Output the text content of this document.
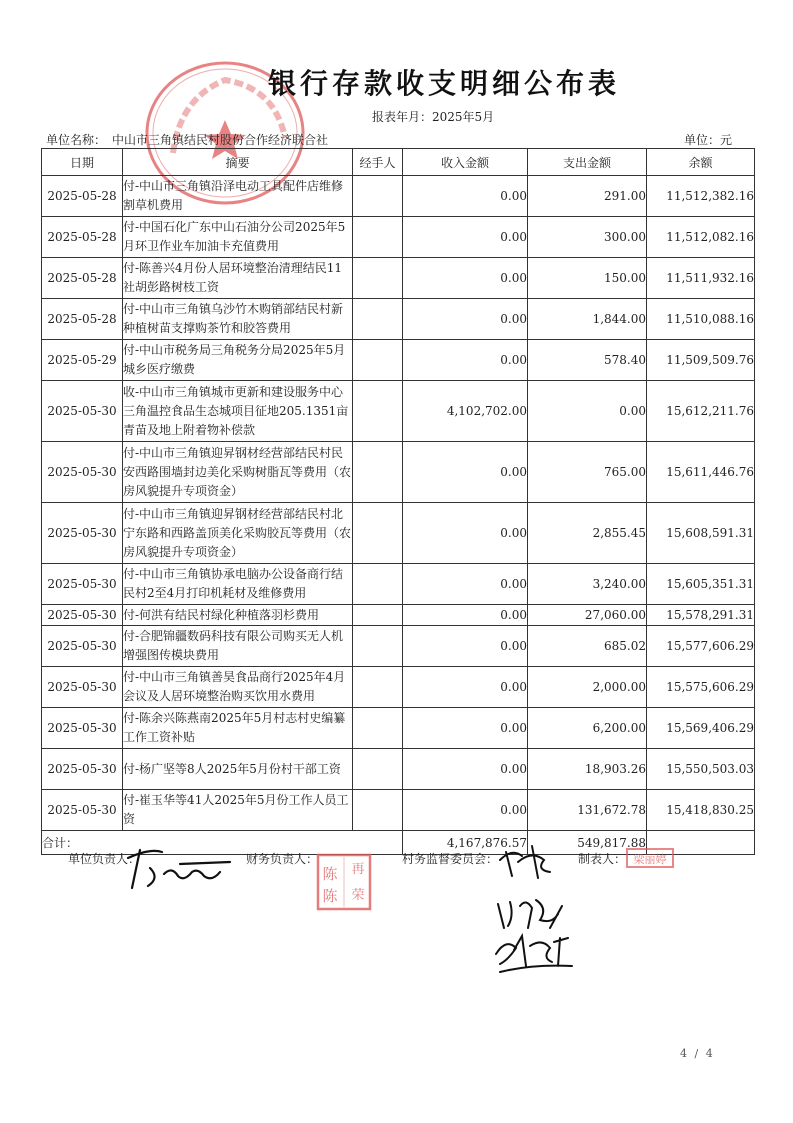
银行存款收支明细公布表
报表年月：2025年5月
单位名称： 中山市三角镇结民村股份合作经济联合社	单位：元
日期	摘要	经手人	收入金额	支出金额	余额
2025-05-28	付-中山市三角镇沿泽电动工具配件店维修割草机费用		0.00	291.00	11,512,382.16
2025-05-28	付-中国石化广东中山石油分公司2025年5月环卫作业车加油卡充值费用		0.00	300.00	11,512,082.16
2025-05-28	付-陈善兴4月份人居环境整治清理结民11社胡彭路树枝工资		0.00	150.00	11,511,932.16
2025-05-28	付-中山市三角镇乌沙竹木购销部结民村新种植树苗支撑购茶竹和胶答费用		0.00	1,844.00	11,510,088.16
2025-05-29	付-中山市税务局三角税务分局2025年5月城乡医疗缴费		0.00	578.40	11,509,509.76
2025-05-30	收-中山市三角镇城市更新和建设服务中心三角温控食品生态城项目征地205.1351亩青苗及地上附着物补偿款		4,102,702.00	0.00	15,612,211.76
2025-05-30	付-中山市三角镇迎昇钢材经营部结民村民安西路围墙封边美化采购树脂瓦等费用（农房风貌提升专项资金）		0.00	765.00	15,611,446.76
2025-05-30	付-中山市三角镇迎昇钢材经营部结民村北宁东路和西路盖顶美化采购胶瓦等费用（农房风貌提升专项资金）		0.00	2,855.45	15,608,591.31
2025-05-30	付-中山市三角镇协承电脑办公设备商行结民村2至4月打印机耗材及维修费用		0.00	3,240.00	15,605,351.31
2025-05-30	付-何洪有结民村绿化种植落羽杉费用		0.00	27,060.00	15,578,291.31
2025-05-30	付-合肥锦疆数码科技有限公司购买无人机增强图传模块费用		0.00	685.02	15,577,606.29
2025-05-30	付-中山市三角镇善昊食品商行2025年4月会议及人居环境整治购买饮用水费用		0.00	2,000.00	15,575,606.29
2025-05-30	付-陈余兴陈燕南2025年5月村志村史编纂工作工资补贴		0.00	6,200.00	15,569,406.29
2025-05-30	付-杨广坚等8人2025年5月份村干部工资		0.00	18,903.26	15,550,503.03
2025-05-30	付-崔玉华等41人2025年5月份工作人员工资		0.00	131,672.78	15,418,830.25
合计：			4,167,876.57	549,817.88	
单位负责人：	财务负责人：	村务监督委员会：	制表人：
陈 再
荣
陈
梁丽婷
4 / 4
